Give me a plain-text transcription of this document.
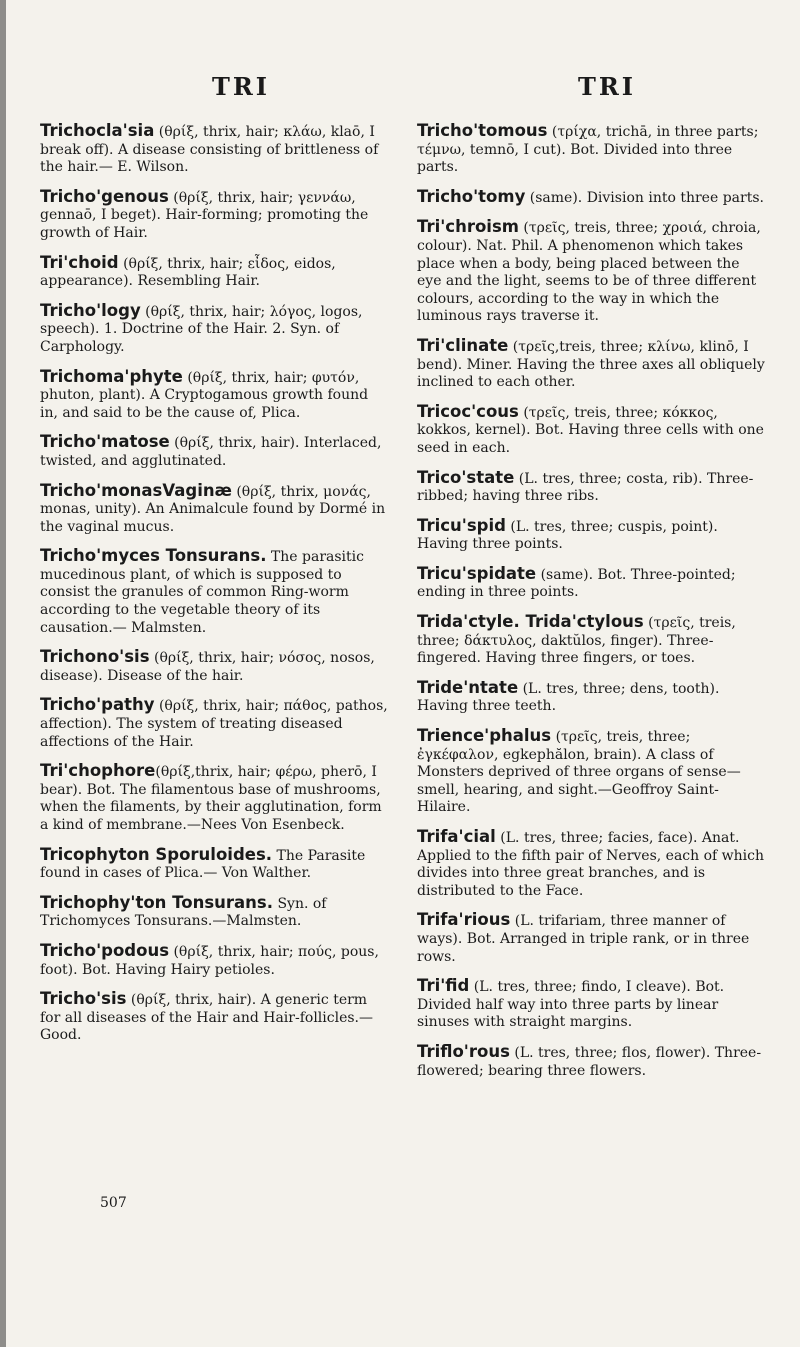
TRI	TRI

Trichocla'sia (θρίξ, thrix, hair; κλάω, klaō, I break off). A disease consisting of brittleness of the hair.— E. Wilson.

Tricho'genous (θρίξ, thrix, hair; γεννάω, gennaō, I beget). Hair-forming; promoting the growth of Hair.

Tri'choid (θρίξ, thrix, hair; εἶδος, eidos, appearance). Resembling Hair.

Tricho'logy (θρίξ, thrix, hair; λόγος, logos, speech). 1. Doctrine of the Hair. 2. Syn. of Carphology.

Trichoma'phyte (θρίξ, thrix, hair; φυτόν, phuton, plant). A Cryptogamous growth found in, and said to be the cause of, Plica.

Tricho'matose (θρίξ, thrix, hair). Interlaced, twisted, and agglutinated.

Tricho'monasVaginæ (θρίξ, thrix, μονάς, monas, unity). An Animalcule found by Dormé in the vaginal mucus.

Tricho'myces Tonsurans. The parasitic mucedinous plant, of which is supposed to consist the granules of common Ring-worm according to the vegetable theory of its causation.— Malmsten.

Trichono'sis (θρίξ, thrix, hair; νόσος, nosos, disease). Disease of the hair.

Tricho'pathy (θρίξ, thrix, hair; πάθος, pathos, affection). The system of treating diseased affections of the Hair.

Tri'chophore(θρίξ,thrix, hair; φέρω, pherō, I bear). Bot. The filamentous base of mushrooms, when the filaments, by their agglutination, form a kind of membrane.—Nees Von Esenbeck.

Tricophyton Sporuloides. The Parasite found in cases of Plica.— Von Walther.

Trichophy'ton Tonsurans. Syn. of Trichomyces Tonsurans.—Malmsten.

Tricho'podous (θρίξ, thrix, hair; πούς, pous, foot). Bot. Having Hairy petioles.

Tricho'sis (θρίξ, thrix, hair). A generic term for all diseases of the Hair and Hair-follicles.—Good.

Tricho'tomous (τρίχα, trichā, in three parts; τέμνω, temnō, I cut). Bot. Divided into three parts.

Tricho'tomy (same). Division into three parts.

Tri'chroism (τρεῖς, treis, three; χροιά, chroia, colour). Nat. Phil. A phenomenon which takes place when a body, being placed between the eye and the light, seems to be of three different colours, according to the way in which the luminous rays traverse it.

Tri'clinate (τρεῖς,treis, three; κλίνω, klinō, I bend). Miner. Having the three axes all obliquely inclined to each other.

Tricoc'cous (τρεῖς, treis, three; κόκκος, kokkos, kernel). Bot. Having three cells with one seed in each.

Trico'state (L. tres, three; costa, rib). Three-ribbed; having three ribs.

Tricu'spid (L. tres, three; cuspis, point). Having three points.

Tricu'spidate (same). Bot. Three-pointed; ending in three points.

Trida'ctyle. Trida'ctylous (τρεῖς, treis, three; δάκτυλος, daktŭlos, finger). Three-fingered. Having three fingers, or toes.

Tride'ntate (L. tres, three; dens, tooth). Having three teeth.

Trience'phalus (τρεῖς, treis, three; ἐγκέφαλον, egkephălon, brain). A class of Monsters deprived of three organs of sense—smell, hearing, and sight.—Geoffroy Saint-Hilaire.

Trifa'cial (L. tres, three; facies, face). Anat. Applied to the fifth pair of Nerves, each of which divides into three great branches, and is distributed to the Face.

Trifa'rious (L. trifariam, three manner of ways). Bot. Arranged in triple rank, or in three rows.

Tri'fid (L. tres, three; findo, I cleave). Bot. Divided half way into three parts by linear sinuses with straight margins.

Triflo'rous (L. tres, three; flos, flower). Three-flowered; bearing three flowers.

507
